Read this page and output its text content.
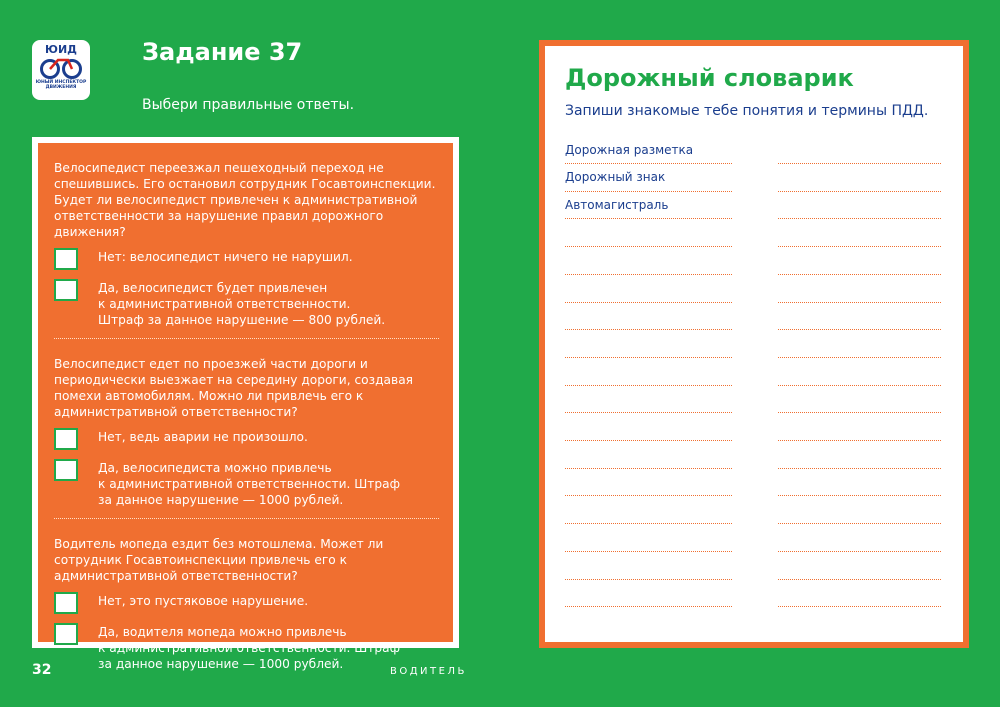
ЮИД
ЮНЫЙ ИНСПЕКТОР ДВИЖЕНИЯ
Задание 37

Выбери правильные ответы.

Велосипедист переезжал пешеходный переход не спешившись. Его остановил сотрудник Госавтоинспекции. Будет ли велосипедист привлечен к административной ответственности за нарушение правил дорожного движения?

Нет: велосипедист ничего не нарушил.
Да, велосипедист будет привлечен
к административной ответственности.
Штраф за данное нарушение — 800 рублей.

Велосипедист едет по проезжей части дороги и периодически выезжает на середину дороги, создавая помехи автомобилям. Можно ли привлечь его к административной ответственности?

Нет, ведь аварии не произошло.
Да, велосипедиста можно привлечь
к административной ответственности. Штраф
за данное нарушение — 1000 рублей.

Водитель мопеда ездит без мотошлема. Может ли сотрудник Госавтоинспекции привлечь его к административной ответственности?

Нет, это пустяковое нарушение.
Да, водителя мопеда можно привлечь
к административной ответственности. Штраф
за данное нарушение — 1000 рублей.
32	ВОДИТЕЛЬ
Дорожный словарик

Запиши знакомые тебе понятия и термины ПДД.

Дорожная разметка
Дорожный знак
Автомагистраль
